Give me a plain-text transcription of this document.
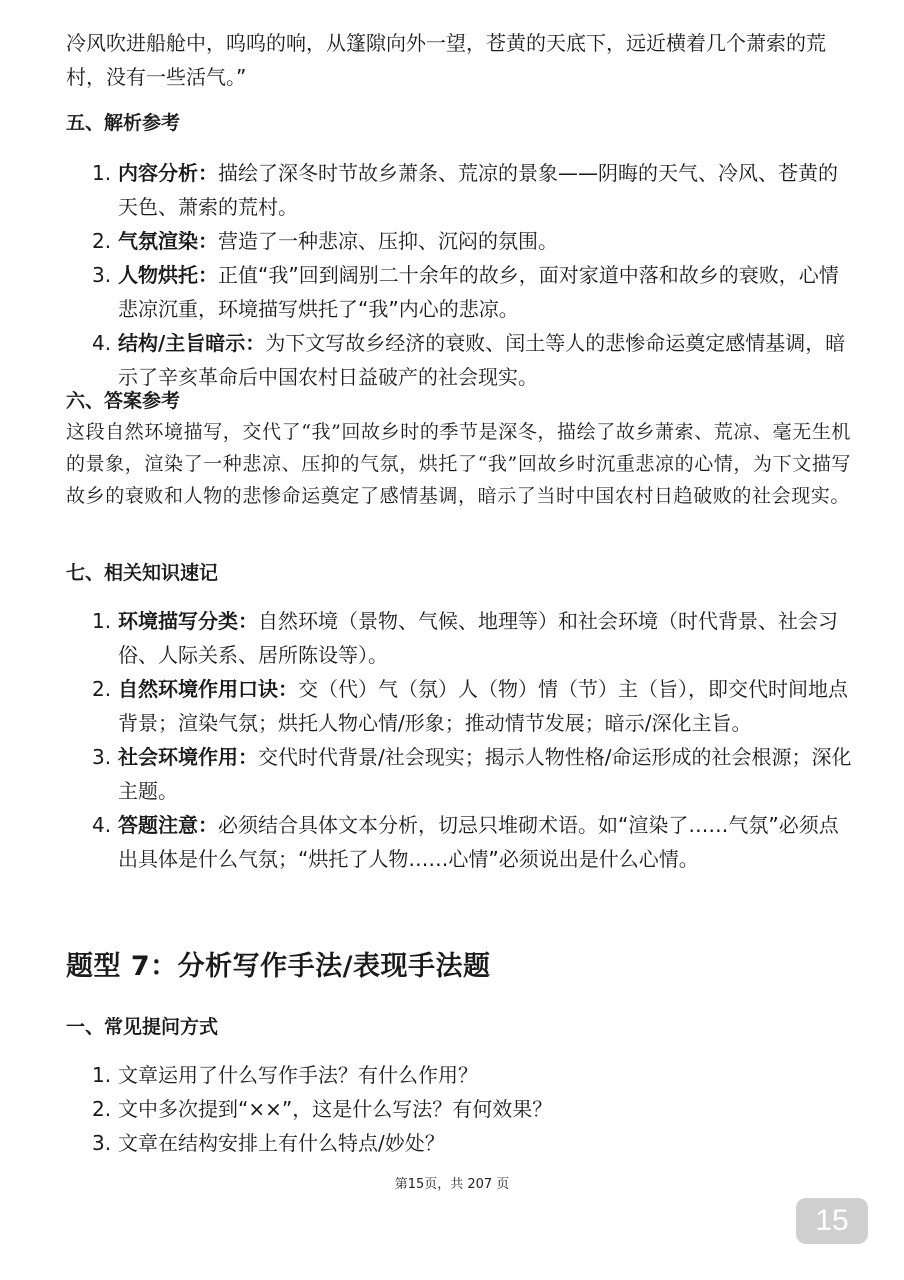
冷风吹进船舱中，呜呜的响，从篷隙向外一望，苍黄的天底下，远近横着几个萧索的荒村，没有一些活气。”

五、解析参考
1. 内容分析：描绘了深冬时节故乡萧条、荒凉的景象——阴晦的天气、冷风、苍黄的天色、萧索的荒村。
2. 气氛渲染：营造了一种悲凉、压抑、沉闷的氛围。
3. 人物烘托：正值“我”回到阔别二十余年的故乡，面对家道中落和故乡的衰败，心情悲凉沉重，环境描写烘托了“我”内心的悲凉。
4. 结构/主旨暗示：为下文写故乡经济的衰败、闰土等人的悲惨命运奠定感情基调，暗示了辛亥革命后中国农村日益破产的社会现实。
六、答案参考

这段自然环境描写，交代了“我”回故乡时的季节是深冬，描绘了故乡萧索、荒凉、毫无生机的景象，渲染了一种悲凉、压抑的气氛，烘托了“我”回故乡时沉重悲凉的心情，为下文描写故乡的衰败和人物的悲惨命运奠定了感情基调，暗示了当时中国农村日趋破败的社会现实。

七、相关知识速记
1. 环境描写分类：自然环境（景物、气候、地理等）和社会环境（时代背景、社会习俗、人际关系、居所陈设等）。
2. 自然环境作用口诀：交（代）气（氛）人（物）情（节）主（旨），即交代时间地点背景；渲染气氛；烘托人物心情/形象；推动情节发展；暗示/深化主旨。
3. 社会环境作用：交代时代背景/社会现实；揭示人物性格/命运形成的社会根源；深化主题。
4. 答题注意：必须结合具体文本分析，切忌只堆砌术语。如“渲染了……气氛”必须点出具体是什么气氛；“烘托了人物……心情”必须说出是什么心情。
题型 7：分析写作手法/表现手法题
一、常见提问方式
1. 文章运用了什么写作手法？有什么作用？
2. 文中多次提到“××”，这是什么写法？有何效果？
3. 文章在结构安排上有什么特点/妙处？
第15页，共 207 页
15
